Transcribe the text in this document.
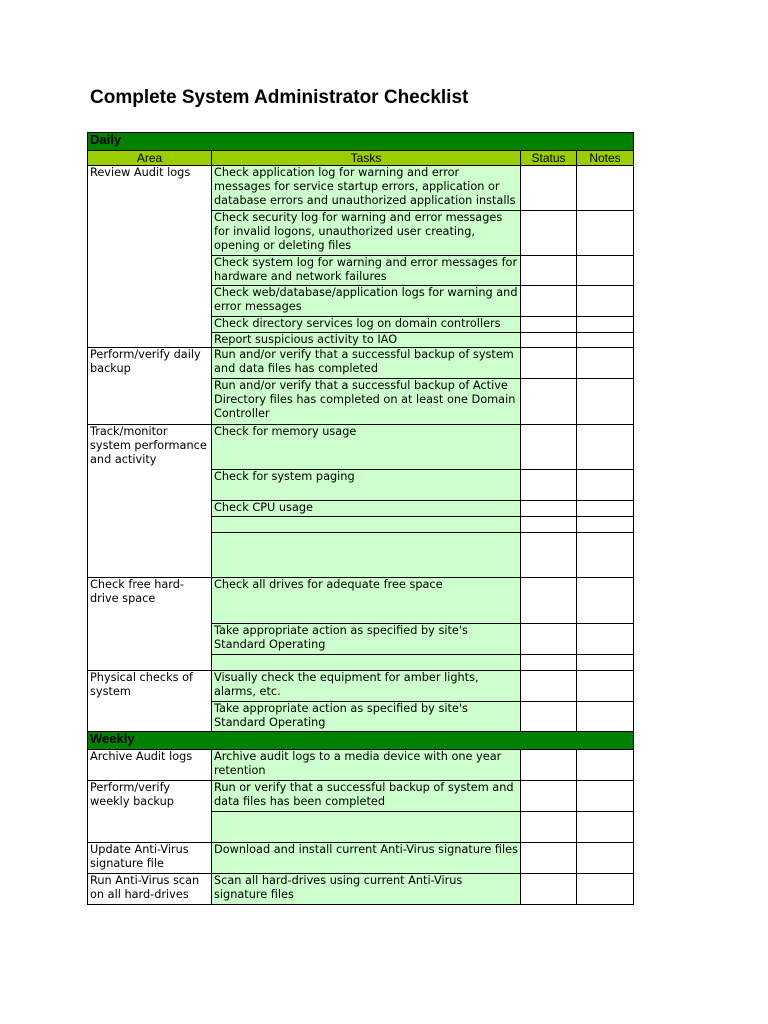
Complete System Administrator Checklist
Daily			
Area	Tasks	Status	Notes
Review Audit logs	Check application log for warning and error messages for service startup errors, application or database errors and unauthorized application installs		
	Check security log for warning and error messages for invalid logons, unauthorized user creating, opening or deleting files		
	Check system log for warning and error messages for hardware and network failures		
	Check web/database/application logs for warning and error messages		
	Check directory services log on domain controllers		
	Report suspicious activity to IAO		
Perform/verify daily backup	Run and/or verify that a successful backup of system and data files has completed		
	Run and/or verify that a successful backup of Active Directory files has completed on at least one Domain Controller		
Track/monitor system performance and activity	Check for memory usage		
	Check for system paging		
	Check CPU usage		

Check free hard-drive space	Check all drives for adequate free space		
	Take appropriate action as specified by site's Standard Operating		

Physical checks of system	Visually check the equipment for amber lights, alarms, etc.		
	Take appropriate action as specified by site's Standard Operating		
Weekly			
Archive Audit logs	Archive audit logs to a media device with one year retention		
Perform/verify weekly backup	Run or verify that a successful backup of system and data files has been completed		

Update Anti-Virus signature file	Download and install current Anti-Virus signature files		
Run Anti-Virus scan on all hard-drives	Scan all hard-drives using current Anti-Virus signature files		
